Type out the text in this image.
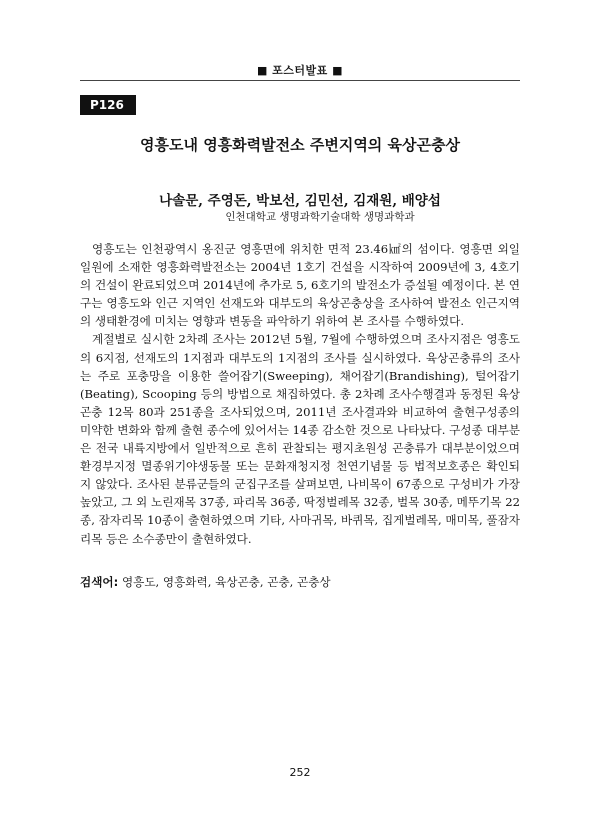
■ 포스터발표 ■
P126
영흥도내 영흥화력발전소 주변지역의 육상곤충상
나솔문, 주영돈, 박보선, 김민선, 김재원, 배양섭
인천대학교 생명과학기술대학 생명과학과

영흥도는 인천광역시 옹진군 영흥면에 위치한 면적 23.46㎢의 섬이다. 영흥면 외일 일원에 소재한 영흥화력발전소는 2004년 1호기 건설을 시작하여 2009년에 3, 4호기의 건설이 완료되었으며 2014년에 추가로 5, 6호기의 발전소가 증설될 예정이다. 본 연구는 영흥도와 인근 지역인 선재도와 대부도의 육상곤충상을 조사하여 발전소 인근지역의 생태환경에 미치는 영향과 변동을 파악하기 위하여 본 조사를 수행하였다.

계절별로 실시한 2차례 조사는 2012년 5월, 7월에 수행하였으며 조사지점은 영흥도의 6지점, 선재도의 1지점과 대부도의 1지점의 조사를 실시하였다. 육상곤충류의 조사는 주로 포충망을 이용한 쓸어잡기(Sweeping), 채어잡기(Brandishing), 털어잡기(Beating), Scooping 등의 방법으로 채집하였다. 총 2차례 조사수행결과 동정된 육상곤충 12목 80과 251종을 조사되었으며, 2011년 조사결과와 비교하여 출현구성종의 미약한 변화와 함께 출현 종수에 있어서는 14종 감소한 것으로 나타났다. 구성종 대부분은 전국 내륙지방에서 일반적으로 흔히 관찰되는 평지초원성 곤충류가 대부분이었으며 환경부지정 멸종위기야생동물 또는 문화재청지정 천연기념물 등 법적보호종은 확인되지 않았다. 조사된 분류군들의 군집구조를 살펴보면, 나비목이 67종으로 구성비가 가장 높았고, 그 외 노린재목 37종, 파리목 36종, 딱정벌레목 32종, 벌목 30종, 메뚜기목 22종, 잠자리목 10종이 출현하였으며 기타, 사마귀목, 바퀴목, 집게벌레목, 매미목, 풀잠자리목 등은 소수종만이 출현하였다.

검색어: 영흥도, 영흥화력, 육상곤충, 곤충, 곤충상
252
